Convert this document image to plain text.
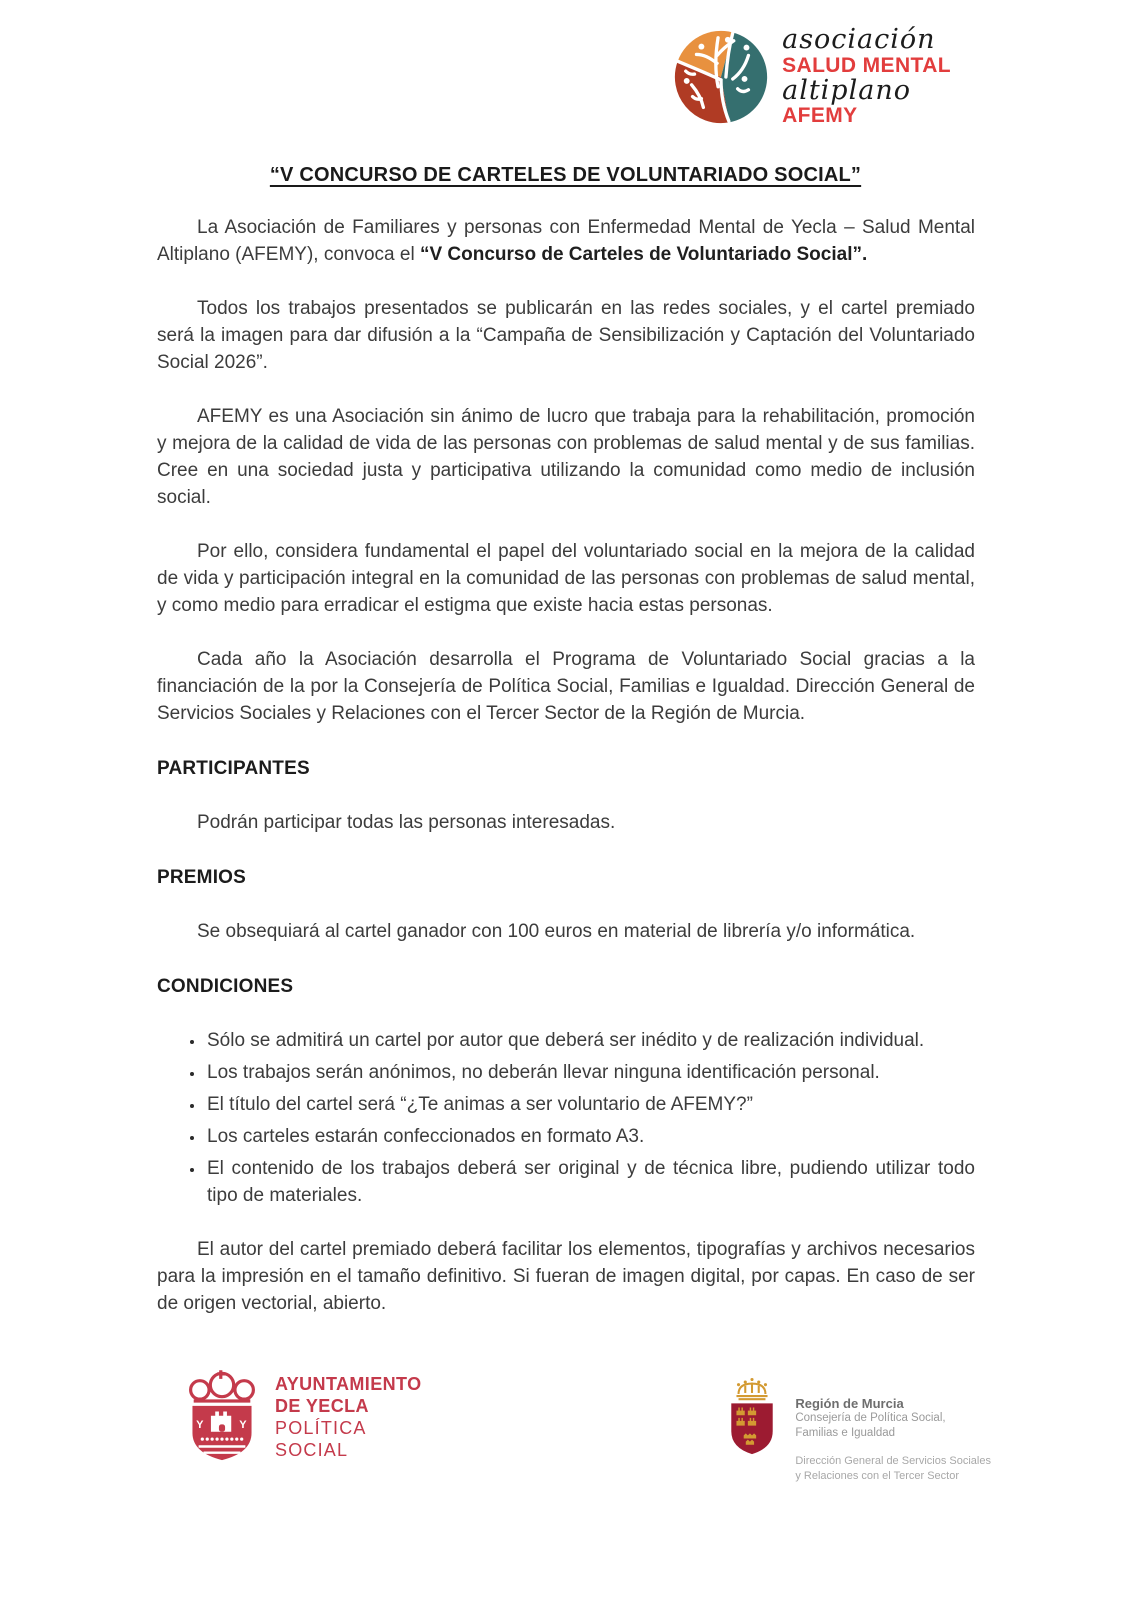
asociación
SALUD MENTAL
altiplano
AFEMY
“V CONCURSO DE CARTELES DE VOLUNTARIADO SOCIAL”

La Asociación de Familiares y personas con Enfermedad Mental de Yecla – Salud Mental Altiplano (AFEMY), convoca el “V Concurso de Carteles de Voluntariado Social”.

Todos los trabajos presentados se publicarán en las redes sociales, y el cartel premiado será la imagen para dar difusión a la “Campaña de Sensibilización y Captación del Voluntariado Social 2026”.

AFEMY es una Asociación sin ánimo de lucro que trabaja para la rehabilitación, promoción y mejora de la calidad de vida de las personas con problemas de salud mental y de sus familias. Cree en una sociedad justa y participativa utilizando la comunidad como medio de inclusión social.

Por ello, considera fundamental el papel del voluntariado social en la mejora de la calidad de vida y participación integral en la comunidad de las personas con problemas de salud mental, y como medio para erradicar el estigma que existe hacia estas personas.

Cada año la Asociación desarrolla el Programa de Voluntariado Social gracias a la financiación de la por la Consejería de Política Social, Familias e Igualdad. Dirección General de Servicios Sociales y Relaciones con el Tercer Sector de la Región de Murcia.

PARTICIPANTES

Podrán participar todas las personas interesadas.

PREMIOS

Se obsequiará al cartel ganador con 100 euros en material de librería y/o informática.

CONDICIONES
• Sólo se admitirá un cartel por autor que deberá ser inédito y de realización individual.
• Los trabajos serán anónimos, no deberán llevar ninguna identificación personal.
• El título del cartel será “¿Te animas a ser voluntario de AFEMY?”
• Los carteles estarán confeccionados en formato A3.
• El contenido de los trabajos deberá ser original y de técnica libre, pudiendo utilizar todo tipo de materiales.

El autor del cartel premiado deberá facilitar los elementos, tipografías y archivos necesarios para la impresión en el tamaño definitivo. Si fueran de imagen digital, por capas. En caso de ser de origen vectorial, abierto.

Y	Y
AYUNTAMIENTO
DE YECLA
POLÍTICA
SOCIAL
Región de Murcia
Consejería de Política Social,
Familias e Igualdad
Dirección General de Servicios Sociales
y Relaciones con el Tercer Sector
